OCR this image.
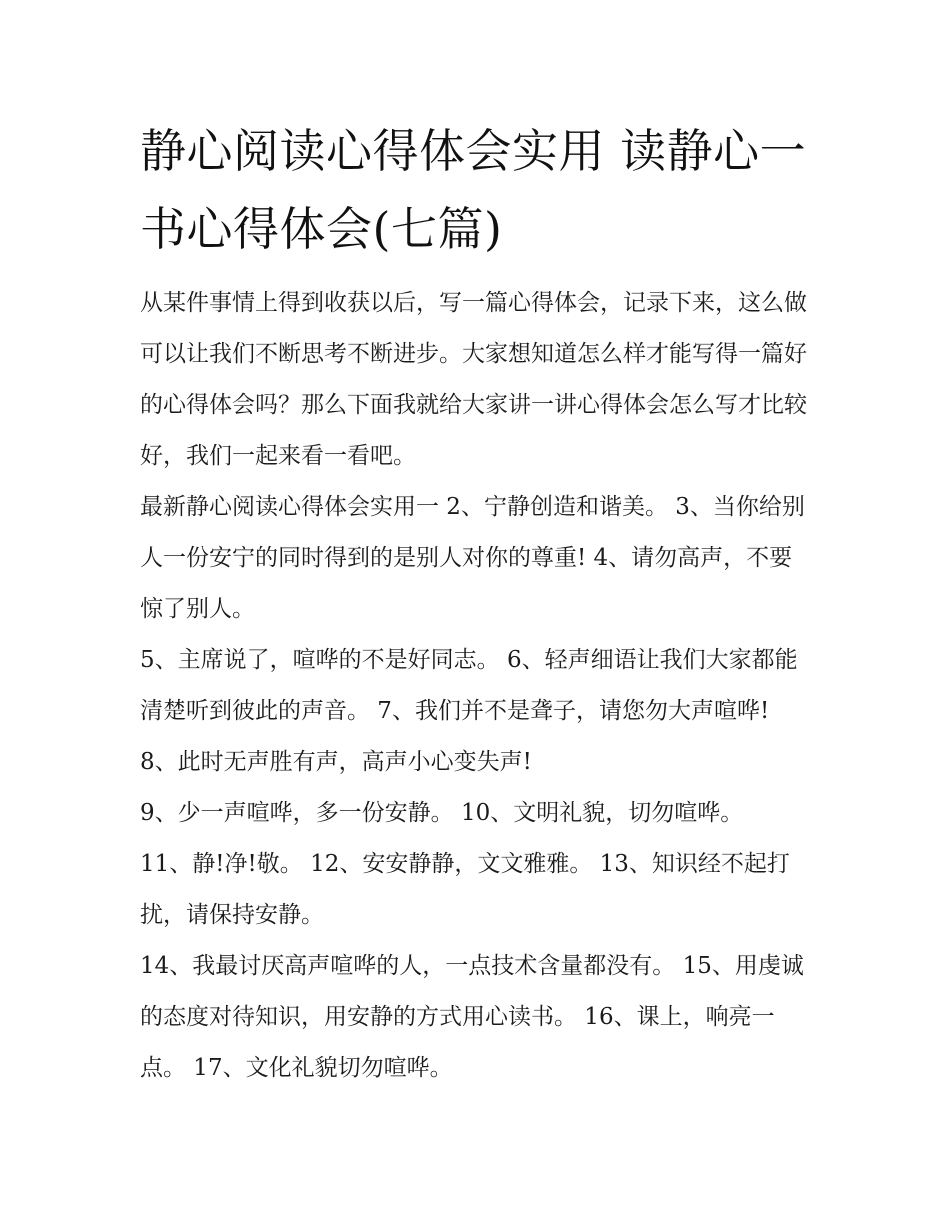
静心阅读心得体会实用 读静心一书心得体会(七篇)

从某件事情上得到收获以后，写一篇心得体会，记录下来，这么做可以让我们不断思考不断进步。大家想知道怎么样才能写得一篇好的心得体会吗？那么下面我就给大家讲一讲心得体会怎么写才比较好，我们一起来看一看吧。

最新静心阅读心得体会实用一 2、宁静创造和谐美。 3、当你给别人一份安宁的同时得到的是别人对你的尊重! 4、请勿高声，不要惊了别人。

5、主席说了，喧哗的不是好同志。 6、轻声细语让我们大家都能清楚听到彼此的声音。 7、我们并不是聋子，请您勿大声喧哗! 8、此时无声胜有声，高声小心变失声!

9、少一声喧哗，多一份安静。 10、文明礼貌，切勿喧哗。

11、静!净!敬。 12、安安静静，文文雅雅。 13、知识经不起打扰，请保持安静。

14、我最讨厌高声喧哗的人，一点技术含量都没有。 15、用虔诚的态度对待知识，用安静的方式用心读书。 16、课上，响亮一点。 17、文化礼貌切勿喧哗。
